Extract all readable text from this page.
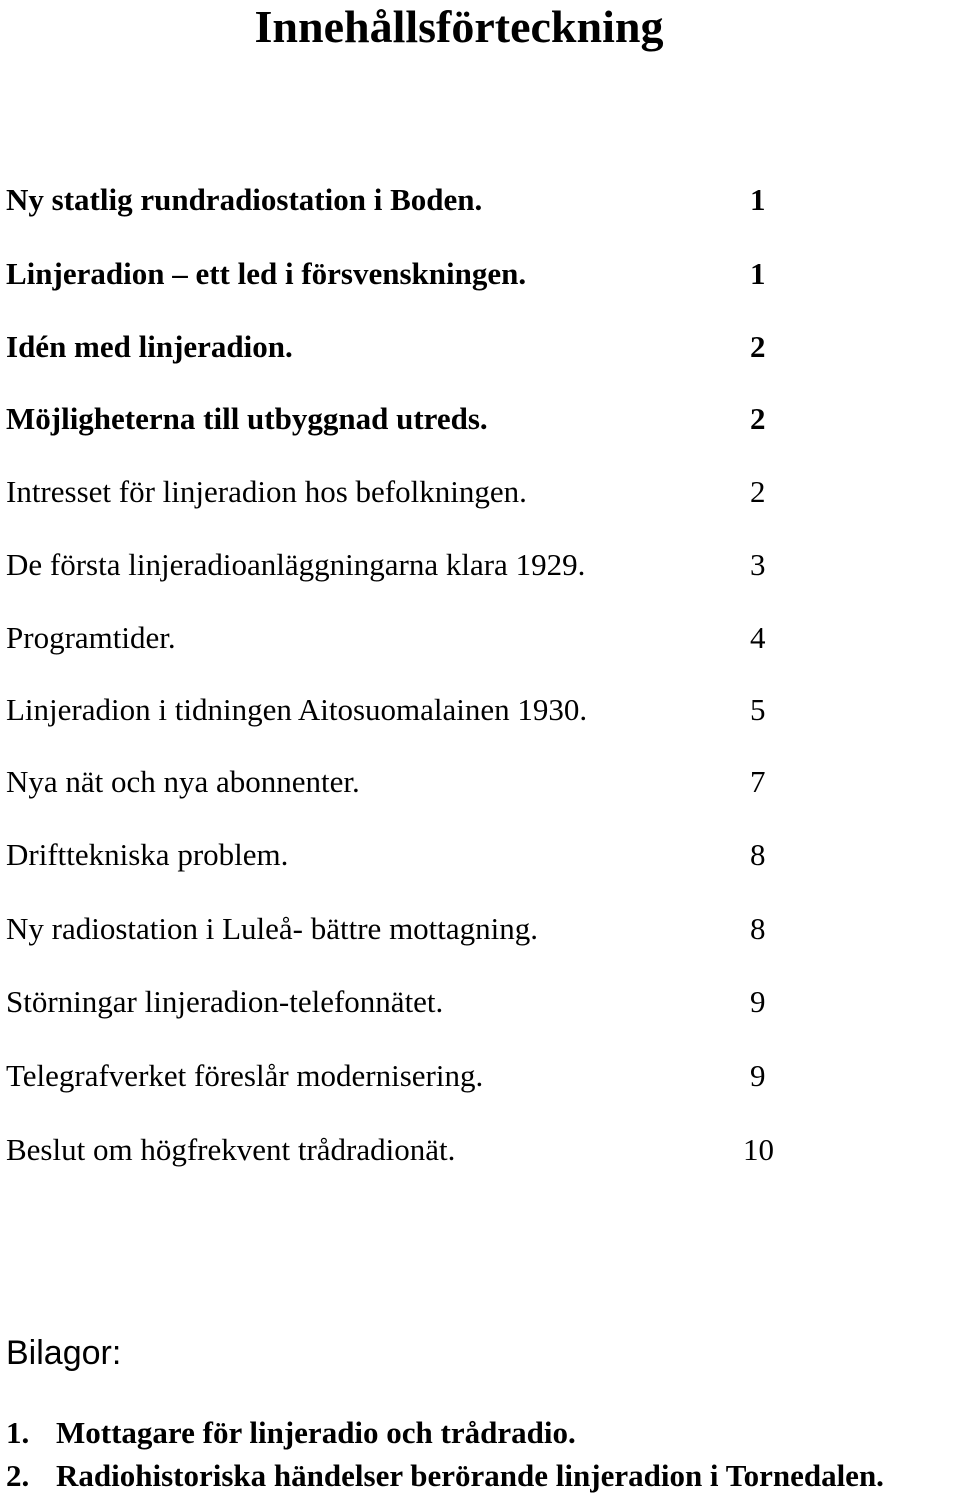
Innehållsförteckning
Ny statlig rundradiostation i Boden.	1
Linjeradion – ett led i försvenskningen.	1
Idén med linjeradion.	2
Möjligheterna till utbyggnad utreds.	2
Intresset för linjeradion hos befolkningen.	2
De första linjeradioanläggningarna klara 1929.	3
Programtider.	4
Linjeradion i tidningen Aitosuomalainen 1930.	5
Nya nät och nya abonnenter.	7
Drifttekniska problem.	8
Ny radiostation i Luleå- bättre mottagning.	8
Störningar linjeradion-telefonnätet.	9
Telegrafverket föreslår modernisering.	9
Beslut om högfrekvent trådradionät.	10
Bilagor:
1. Mottagare för linjeradio och trådradio.
2. Radiohistoriska händelser berörande linjeradion i Tornedalen.
